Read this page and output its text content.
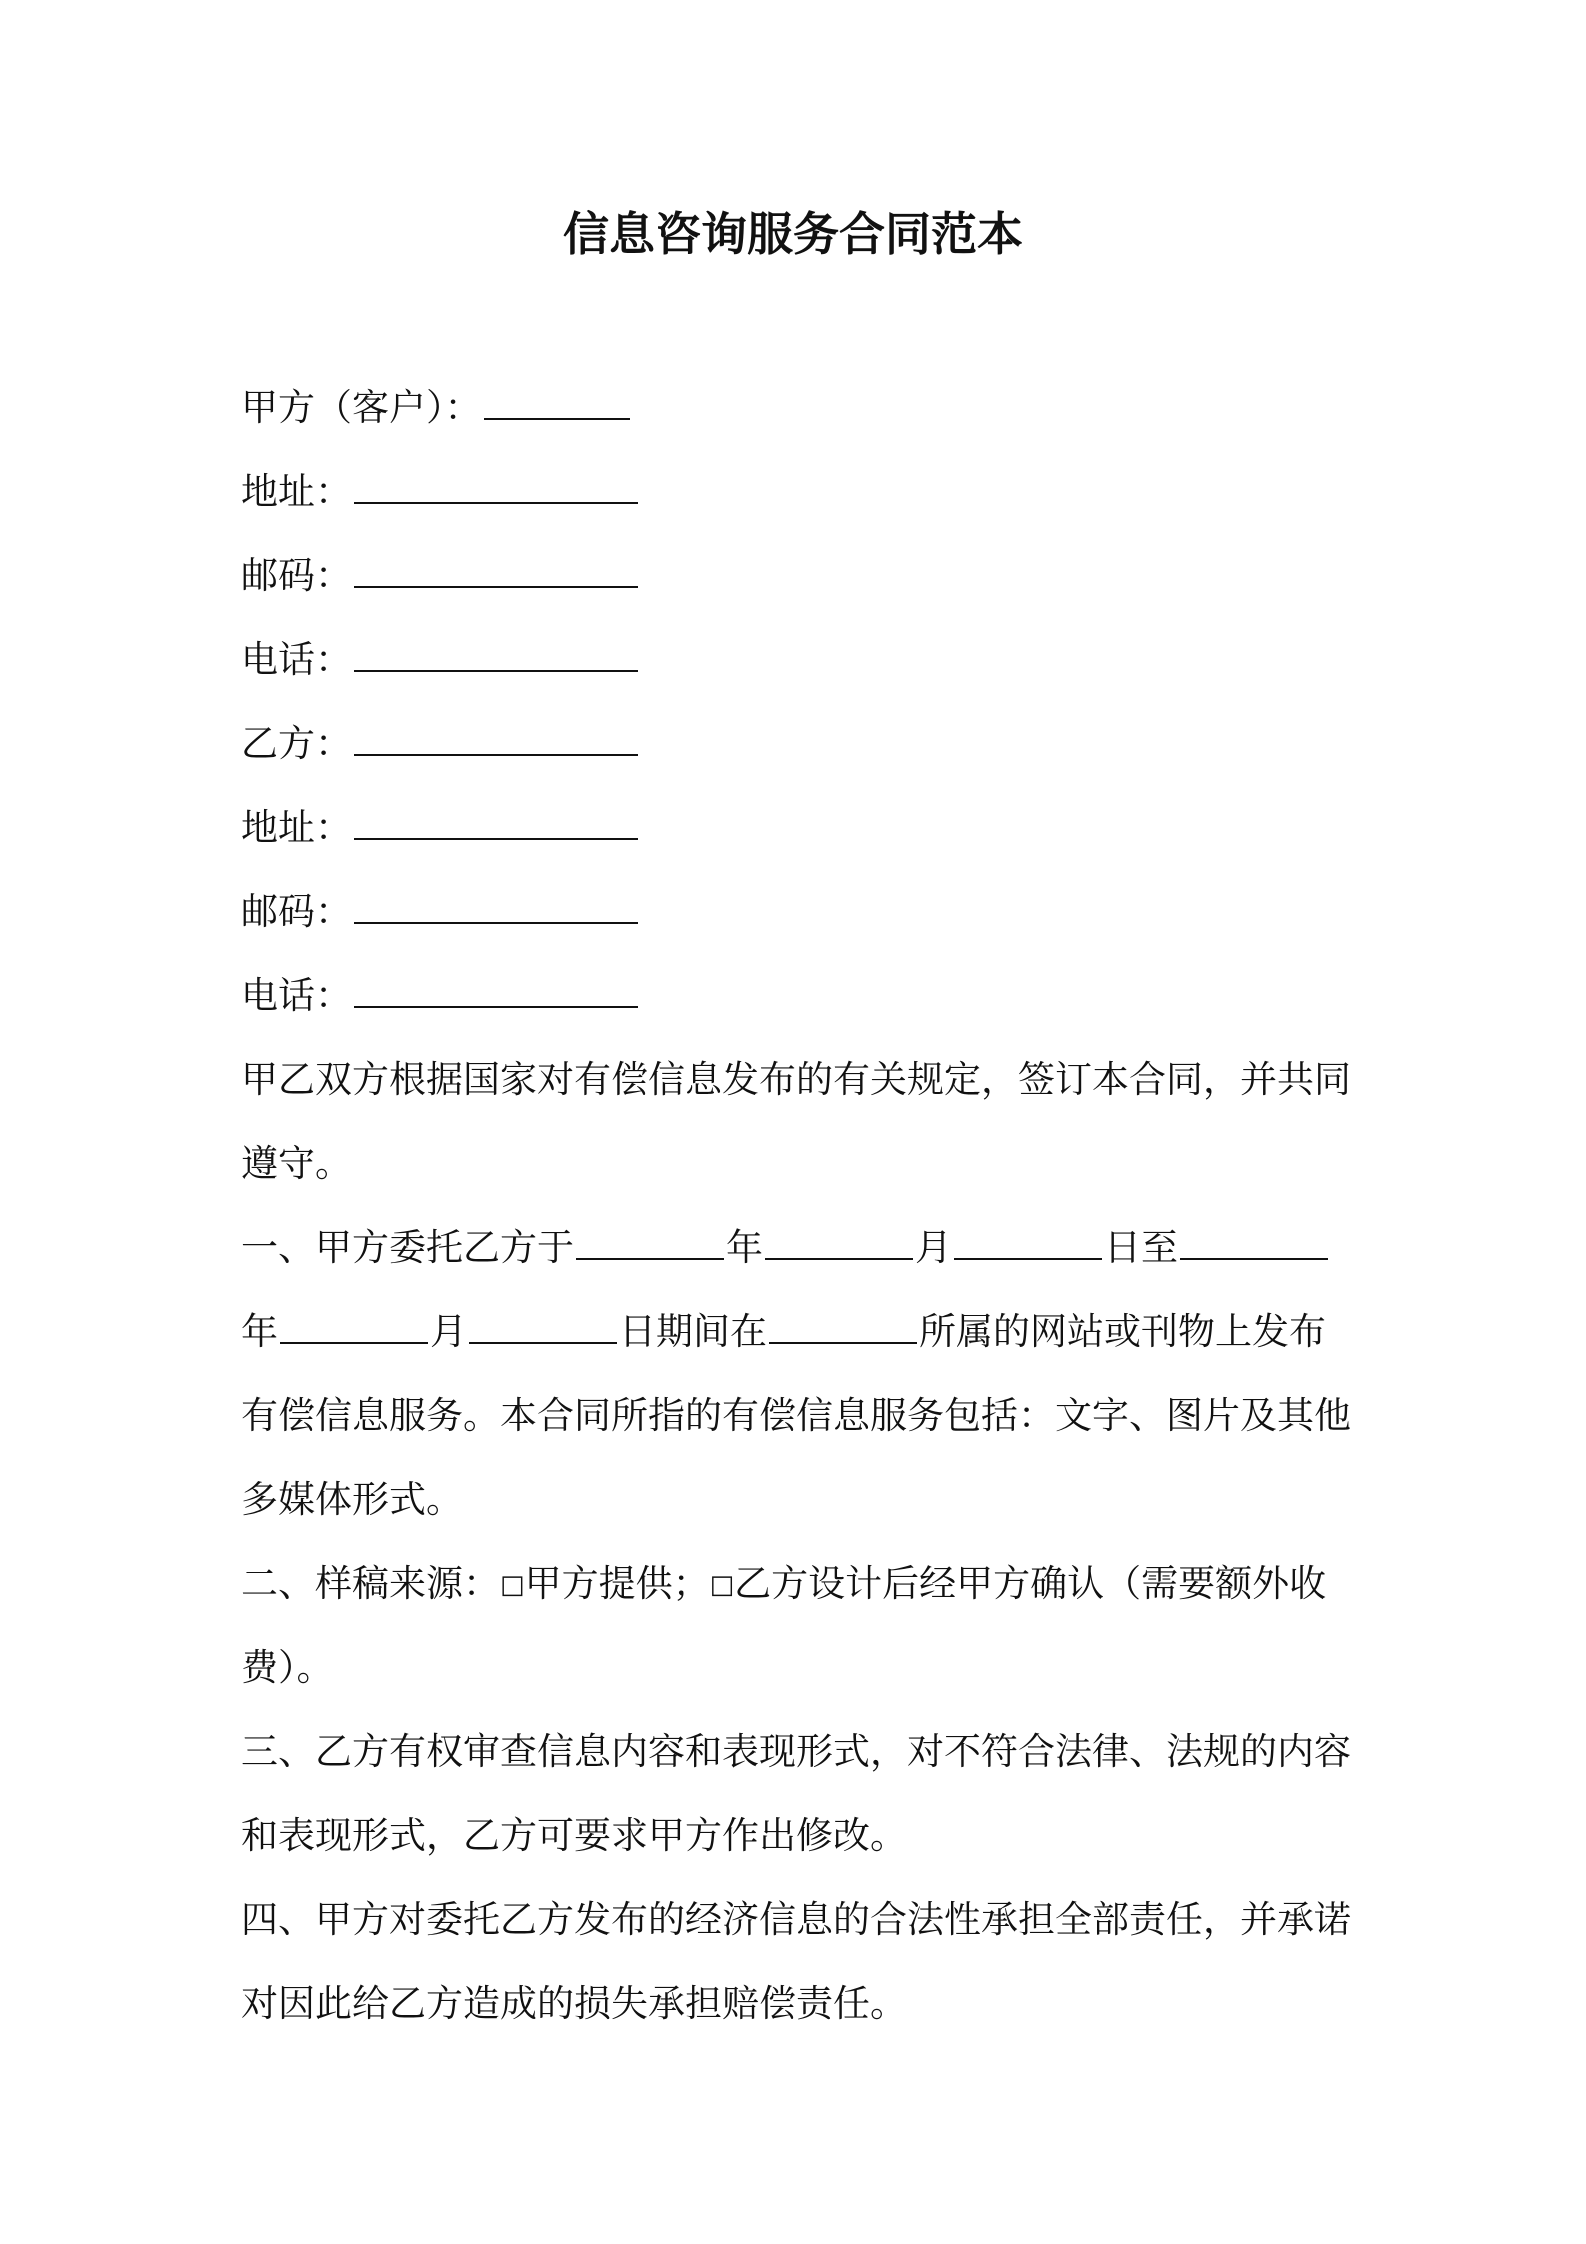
信息咨询服务合同范本
甲方（客户）：
地址：
邮码：
电话：
乙方：
地址：
邮码：
电话：
甲乙双方根据国家对有偿信息发布的有关规定，签订本合同，并共同
遵守。
一、甲方委托乙方于	年	月	日至
年	月	日期间在	所属的网站或刊物上发布
有偿信息服务。本合同所指的有偿信息服务包括：文字、图片及其他
多媒体形式。
二、样稿来源：□甲方提供；□乙方设计后经甲方确认（需要额外收
费）。
三、乙方有权审查信息内容和表现形式，对不符合法律、法规的内容
和表现形式，乙方可要求甲方作出修改。
四、甲方对委托乙方发布的经济信息的合法性承担全部责任，并承诺
对因此给乙方造成的损失承担赔偿责任。
